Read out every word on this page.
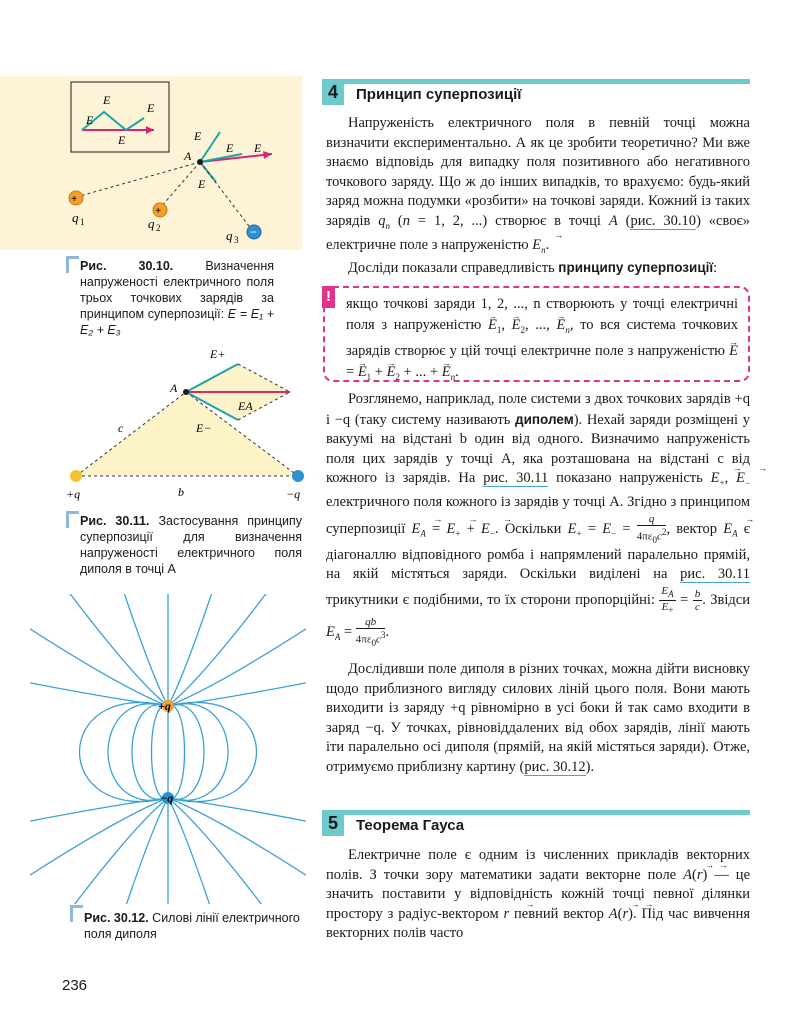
E
E
E
E
A
E
E E
E
+
q 1
+
q 2	−
q 3
Рис. 30.10.	Визначення напруженості електричного поля трьох точкових зарядів за принципом суперпозиції: E = E₁ + E₂ + E₃
E+
EA
E−
A
c
b
+q	−q
Рис. 30.11. Застосування принципу суперпозиції для визначення напруженості електричного поля диполя в точці A
+q
−q
Рис. 30.12. Силові лінії електричного поля диполя
4	Принцип суперпозиції
Напруженість електричного поля в певній точці можна визначити експериментально. А як це зробити теоретично? Ми вже знаємо відповідь для випадку поля позитивного або негативного точкового заряду. Що ж до інших випадків, то врахуємо: будь-який заряд можна подумки «розбити» на точкові заряди. Кожний із таких зарядів $q_n$ (n = 1, 2, ...) створює в точці A (рис. 30.10) «своє» електричне поле з напруженістю → $E_n$.
Досліди показали справедливість принципу суперпозиції:
! якщо точкові заряди 1, 2, ..., n створюють у точці електричні поля з напруженістю → $E_1$, → $E_2$, ..., → $E_n$, то вся система точкових зарядів створює у цій точці електричне поле з напруженістю → E = → $E_1$ + → $E_2$ + ... + → $E_n$.
Розглянемо, наприклад, поле системи з двох точкових зарядів +q і −q (таку систему називають диполем). Нехай заряди розміщені у вакуумі на відстані b один від одного. Визначимо напруженість поля цих зарядів у точці A, яка розташована на відстані c від кожного із зарядів. На рис. 30.11 показано напруженість → $E_+$, → $E_-$ електричного поля кожного із зарядів у точці A. Згідно з принципом суперпозиції → $E_A$ = → $E_+$ + → $E_-$. Оскільки $E_+ = E_- = \frac{q}{4\pi\varepsilon_0c^2}$ , вектор → $E_A$ є діагоналлю відповідного ромба і напрямлений паралельно прямій, на якій містяться заряди. Оскільки виділені на рис. 30.11 трикутники є подібними, то їх сторони пропорційні: $\frac{E_A}{E_+} = \frac{b}{c}$ . Звідси $E_A = \frac{qb}{4\pi\varepsilon_0c^3}$ .
Дослідивши поле диполя в різних точках, можна дійти висновку щодо приблизного вигляду силових ліній цього поля. Вони мають виходити із заряду +q рівномірно в усі боки й так само входити в заряд −q. У точках, рівновіддалених від обох зарядів, лінії мають іти паралельно осі диполя (прямій, на якій містяться заряди). Отже, отримуємо приблизну картину (рис. 30.12).
5	Теорема Гауса
Електричне поле є одним із численних прикладів векторних полів. З точки зору математики задати векторне поле → A(→ r) — це значить поставити у відповідність кожній точці певної ділянки простору з радіус-вектором → r певний вектор → A(→ r). Під час вивчення векторних полів часто
236
